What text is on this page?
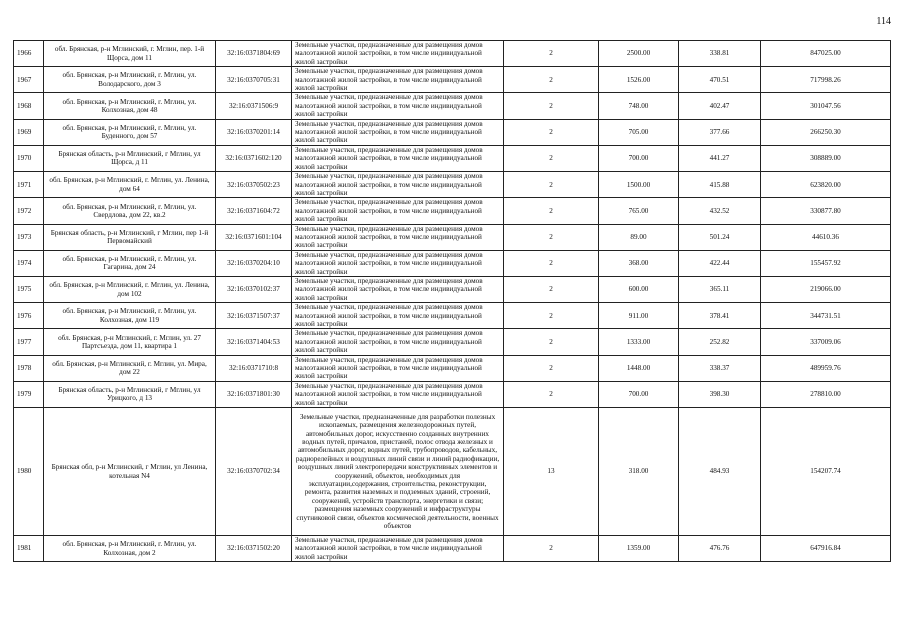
114
1966	обл. Брянская, р-н Мглинский, г. Мглин, пер. 1-й Щорса, дом 11	32:16:0371804:69	Земельные участки, предназначенные для размещения домов малоэтажной жилой застройки, в том числе индивидуальной жилой застройки	2	2500.00	338.81	847025.00
1967	обл. Брянская, р-н Мглинский, г. Мглин, ул. Володарского, дом 3	32:16:0370705:31	Земельные участки, предназначенные для размещения домов малоэтажной жилой застройки, в том числе индивидуальной жилой застройки	2	1526.00	470.51	717998.26
1968	обл. Брянская, р-н Мглинский, г. Мглин, ул. Колхозная, дом 48	32:16:0371506:9	Земельные участки, предназначенные для размещения домов малоэтажной жилой застройки, в том числе индивидуальной жилой застройки	2	748.00	402.47	301047.56
1969	обл. Брянская, р-н Мглинский, г. Мглин, ул. Буденного, дом 57	32:16:0370201:14	Земельные участки, предназначенные для размещения домов малоэтажной жилой застройки, в том числе индивидуальной жилой застройки	2	705.00	377.66	266250.30
1970	Брянская область, р-н Мглинский, г Мглин, ул Щорса, д 11	32:16:0371602:120	Земельные участки, предназначенные для размещения домов малоэтажной жилой застройки, в том числе индивидуальной жилой застройки	2	700.00	441.27	308889.00
1971	обл. Брянская, р-н Мглинский, г. Мглин, ул. Ленина, дом 64	32:16:0370502:23	Земельные участки, предназначенные для размещения домов малоэтажной жилой застройки, в том числе индивидуальной жилой застройки	2	1500.00	415.88	623820.00
1972	обл. Брянская, р-н Мглинский, г. Мглин, ул. Свердлова, дом 22, кв.2	32:16:0371604:72	Земельные участки, предназначенные для размещения домов малоэтажной жилой застройки, в том числе индивидуальной жилой застройки	2	765.00	432.52	330877.80
1973	Брянская область, р-н Мглинский, г Мглин, пер 1-й Первомайский	32:16:0371601:104	Земельные участки, предназначенные для размещения домов малоэтажной жилой застройки, в том числе индивидуальной жилой застройки	2	89.00	501.24	44610.36
1974	обл. Брянская, р-н Мглинский, г. Мглин, ул. Гагарина, дом 24	32:16:0370204:10	Земельные участки, предназначенные для размещения домов малоэтажной жилой застройки, в том числе индивидуальной жилой застройки	2	368.00	422.44	155457.92
1975	обл. Брянская, р-н Мглинский, г. Мглин, ул. Ленина, дом 102	32:16:0370102:37	Земельные участки, предназначенные для размещения домов малоэтажной жилой застройки, в том числе индивидуальной жилой застройки	2	600.00	365.11	219066.00
1976	обл. Брянская, р-н Мглинский, г. Мглин, ул. Колхозная, дом 119	32:16:0371507:37	Земельные участки, предназначенные для размещения домов малоэтажной жилой застройки, в том числе индивидуальной жилой застройки	2	911.00	378.41	344731.51
1977	обл. Брянская, р-н Мглинский, г. Мглин, ул. 27 Партсъезда, дом 11, квартира 1	32:16:0371404:53	Земельные участки, предназначенные для размещения домов малоэтажной жилой застройки, в том числе индивидуальной жилой застройки	2	1333.00	252.82	337009.06
1978	обл. Брянская, р-н Мглинский, г. Мглин, ул. Мира, дом 22	32:16:0371710:8	Земельные участки, предназначенные для размещения домов малоэтажной жилой застройки, в том числе индивидуальной жилой застройки	2	1448.00	338.37	489959.76
1979	Брянская область, р-н Мглинский, г Мглин, ул Урицкого, д 13	32:16:0371801:30	Земельные участки, предназначенные для размещения домов малоэтажной жилой застройки, в том числе индивидуальной жилой застройки	2	700.00	398.30	278810.00
1980	Брянская обл, р-н Мглинский, г Мглин, ул Ленина, котельная N4	32:16:0370702:34	Земельные участки, предназначенные для разработки полезных ископаемых, размещения железнодорожных путей, автомобильных дорог, искусственно созданных внутренних водных путей, причалов, пристаней, полос отвода железных и автомобильных дорог, водных путей, трубопроводов, кабельных, радиорелейных и воздушных линий связи и линий радиофикации, воздушных линий электропередачи конструктивных элементов и сооружений, объектов, необходимых для эксплуатации,содержания, строительства, реконструкции, ремонта, развития наземных и подземных зданий, строений, сооружений, устройств транспорта, энергетики и связи; размещения наземных сооружений и инфраструктуры спутниковой связи, объектов космической деятельности, военных объектов	13	318.00	484.93	154207.74
1981	обл. Брянская, р-н Мглинский, г. Мглин, ул. Колхозная, дом 2	32:16:0371502:20	Земельные участки, предназначенные для размещения домов малоэтажной жилой застройки, в том числе индивидуальной жилой застройки	2	1359.00	476.76	647916.84
